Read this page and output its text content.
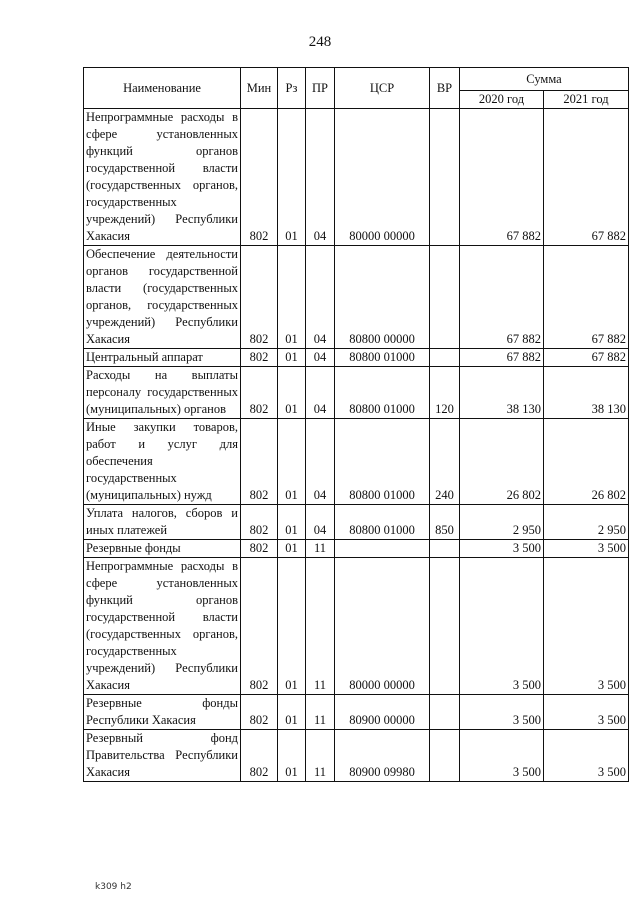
248
Наименование	Мин	Рз	ПР	ЦСР	ВР	Сумма	
						2020 год	2021 год
Непрограммные расходы в сфере установленных функций органов государственной власти (государственных органов, государственных учреждений) Республики Хакасия	802	01	04	80000 00000		67 882	67 882
Обеспечение деятельности органов государственной власти (государственных органов, государственных учреждений) Республики Хакасия	802	01	04	80800 00000		67 882	67 882
Центральный аппарат	802	01	04	80800 01000		67 882	67 882
Расходы на выплаты персоналу государственных (муниципальных) органов	802	01	04	80800 01000	120	38 130	38 130
Иные закупки товаров, работ и услуг для обеспечения государственных (муниципальных) нужд	802	01	04	80800 01000	240	26 802	26 802
Уплата налогов, сборов и иных платежей	802	01	04	80800 01000	850	2 950	2 950
Резервные фонды	802	01	11			3 500	3 500
Непрограммные расходы в сфере установленных функций органов государственной власти (государственных органов, государственных учреждений) Республики Хакасия	802	01	11	80000 00000		3 500	3 500
Резервные фонды Республики Хакасия	802	01	11	80900 00000		3 500	3 500
Резервный фонд Правительства Республики Хакасия	802	01	11	80900 09980		3 500	3 500
k309 h2
